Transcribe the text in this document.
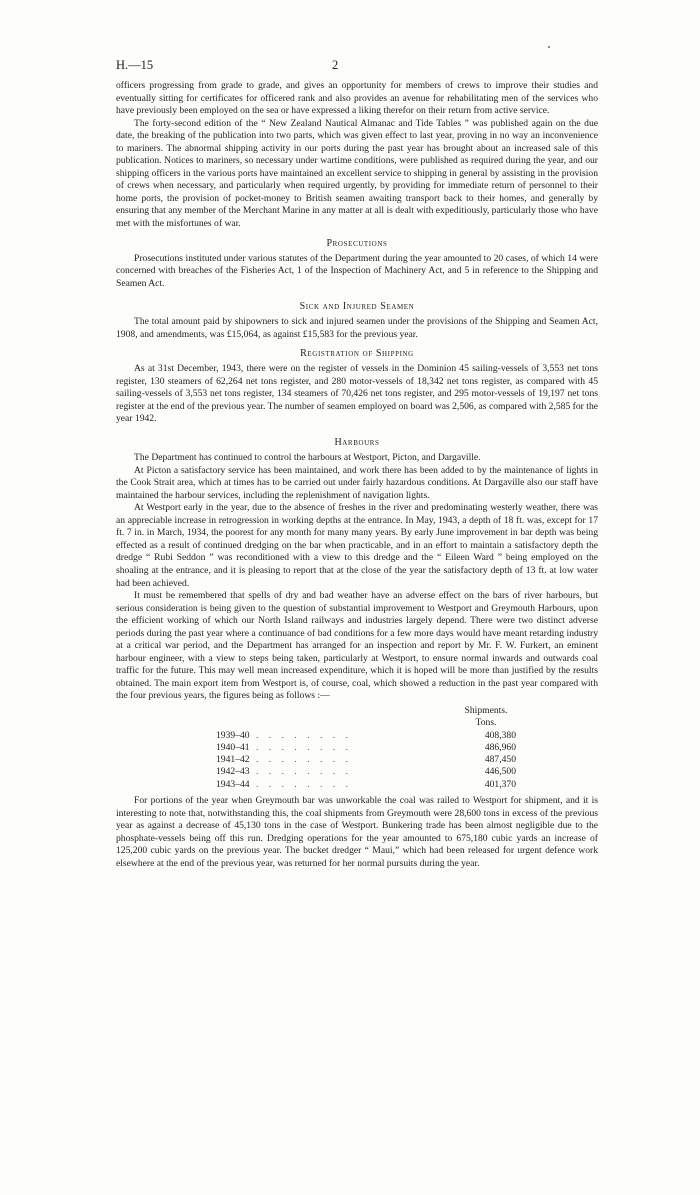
H.—15	2

officers progressing from grade to grade, and gives an opportunity for members of crews to improve their studies and eventually sitting for certificates for officered rank and also provides an avenue for rehabilitating men of the services who have previously been employed on the sea or have expressed a liking therefor on their return from active service.

The forty-second edition of the “ New Zealand Nautical Almanac and Tide Tables ” was published again on the due date, the breaking of the publication into two parts, which was given effect to last year, proving in no way an inconvenience to mariners. The abnormal shipping activity in our ports during the past year has brought about an increased sale of this publication. Notices to mariners, so necessary under wartime conditions, were published as required during the year, and our shipping officers in the various ports have maintained an excellent service to shipping in general by assisting in the provision of crews when necessary, and particularly when required urgently, by providing for immediate return of personnel to their home ports, the provision of pocket-money to British seamen awaiting transport back to their homes, and generally by ensuring that any member of the Merchant Marine in any matter at all is dealt with expeditiously, particularly those who have met with the misfortunes of war.

Prosecutions

Prosecutions instituted under various statutes of the Department during the year amounted to 20 cases, of which 14 were concerned with breaches of the Fisheries Act, 1 of the Inspection of Machinery Act, and 5 in reference to the Shipping and Seamen Act.

Sick and Injured Seamen

The total amount paid by shipowners to sick and injured seamen under the provisions of the Shipping and Seamen Act, 1908, and amendments, was £15,064, as against £15,583 for the previous year.

Registration of Shipping

As at 31st December, 1943, there were on the register of vessels in the Dominion 45 sailing-vessels of 3,553 net tons register, 130 steamers of 62,264 net tons register, and 280 motor-vessels of 18,342 net tons register, as compared with 45 sailing-vessels of 3,553 net tons register, 134 steamers of 70,426 net tons register, and 295 motor-vessels of 19,197 net tons register at the end of the previous year. The number of seamen employed on board was 2,506, as compared with 2,585 for the year 1942.

Harbours

The Department has continued to control the harbours at Westport, Picton, and Dargaville.

At Picton a satisfactory service has been maintained, and work there has been added to by the maintenance of lights in the Cook Strait area, which at times has to be carried out under fairly hazardous conditions. At Dargaville also our staff have maintained the harbour services, including the replenishment of navigation lights.

At Westport early in the year, due to the absence of freshes in the river and predominating westerly weather, there was an appreciable increase in retrogression in working depths at the entrance. In May, 1943, a depth of 18 ft. was, except for 17 ft. 7 in. in March, 1934, the poorest for any month for many many years. By early June improvement in bar depth was being effected as a result of continued dredging on the bar when practicable, and in an effort to maintain a satisfactory depth the dredge “ Rubi Seddon ” was reconditioned with a view to this dredge and the “ Eileen Ward ” being employed on the shoaling at the entrance, and it is pleasing to report that at the close of the year the satisfactory depth of 13 ft. at low water had been achieved.

It must be remembered that spells of dry and bad weather have an adverse effect on the bars of river harbours, but serious consideration is being given to the question of substantial improvement to Westport and Greymouth Harbours, upon the efficient working of which our North Island railways and industries largely depend. There were two distinct adverse periods during the past year where a continuance of bad conditions for a few more days would have meant retarding industry at a critical war period, and the Department has arranged for an inspection and report by Mr. F. W. Furkert, an eminent harbour engineer, with a view to steps being taken, particularly at Westport, to ensure normal inwards and outwards coal traffic for the future. This may well mean increased expenditure, which it is hoped will be more than justified by the results obtained. The main export item from Westport is, of course, coal, which showed a reduction in the past year compared with the four previous years, the figures being as follows :—

Shipments.
Tons.
1939–40 . . . . . . . .	408,380
1940–41 . . . . . . . .	486,960
1941–42 . . . . . . . .	487,450
1942–43 . . . . . . . .	446,500
1943–44 . . . . . . . .	401,370

For portions of the year when Greymouth bar was unworkable the coal was railed to Westport for shipment, and it is interesting to note that, notwithstanding this, the coal shipments from Greymouth were 28,600 tons in excess of the previous year as against a decrease of 45,130 tons in the case of Westport. Bunkering trade has been almost negligible due to the phosphate-vessels being off this run. Dredging operations for the year amounted to 675,180 cubic yards an increase of 125,200 cubic yards on the previous year. The bucket dredger “ Maui,” which had been released for urgent defence work elsewhere at the end of the previous year, was returned for her normal pursuits during the year.
